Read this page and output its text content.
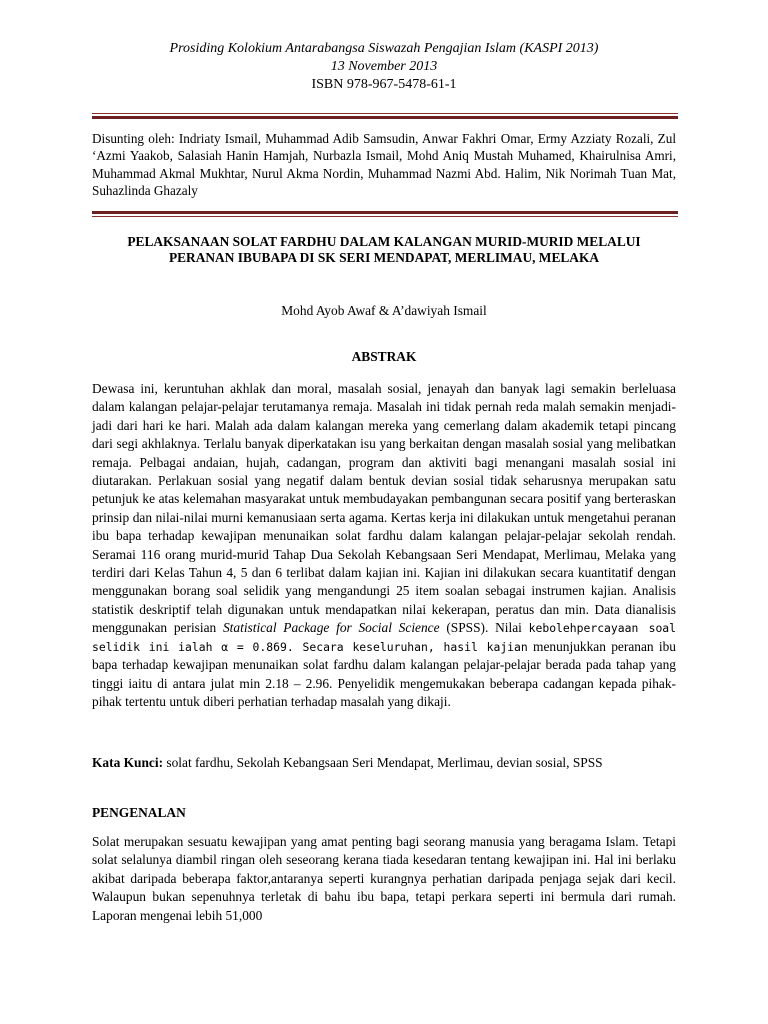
Prosiding Kolokium Antarabangsa Siswazah Pengajian Islam (KASPI 2013)
13 November 2013
ISBN 978-967-5478-61-1
Disunting oleh: Indriaty Ismail, Muhammad Adib Samsudin, Anwar Fakhri Omar, Ermy Azziaty Rozali, Zul ‘Azmi Yaakob, Salasiah Hanin Hamjah, Nurbazla Ismail, Mohd Aniq Mustah Muhamed, Khairulnisa Amri, Muhammad Akmal Mukhtar, Nurul Akma Nordin, Muhammad Nazmi Abd. Halim, Nik Norimah Tuan Mat, Suhazlinda Ghazaly
PELAKSANAAN SOLAT FARDHU DALAM KALANGAN MURID-MURID MELALUI PERANAN IBUBAPA DI SK SERI MENDAPAT, MERLIMAU, MELAKA
Mohd Ayob Awaf & A’dawiyah Ismail
ABSTRAK
Dewasa ini, keruntuhan akhlak dan moral, masalah sosial, jenayah dan banyak lagi semakin berleluasa dalam kalangan pelajar-pelajar terutamanya remaja. Masalah ini tidak pernah reda malah semakin menjadi-jadi dari hari ke hari. Malah ada dalam kalangan mereka yang cemerlang dalam akademik tetapi pincang dari segi akhlaknya. Terlalu banyak diperkatakan isu yang berkaitan dengan masalah sosial yang melibatkan remaja. Pelbagai andaian, hujah, cadangan, program dan aktiviti bagi menangani masalah sosial ini diutarakan. Perlakuan sosial yang negatif dalam bentuk devian sosial tidak seharusnya merupakan satu petunjuk ke atas kelemahan masyarakat untuk membudayakan pembangunan secara positif yang berteraskan prinsip dan nilai-nilai murni kemanusiaan serta agama. Kertas kerja ini dilakukan untuk mengetahui peranan ibu bapa terhadap kewajipan menunaikan solat fardhu dalam kalangan pelajar-pelajar sekolah rendah. Seramai 116 orang murid-murid Tahap Dua Sekolah Kebangsaan Seri Mendapat, Merlimau, Melaka yang terdiri dari Kelas Tahun 4, 5 dan 6 terlibat dalam kajian ini. Kajian ini dilakukan secara kuantitatif dengan menggunakan borang soal selidik yang mengandungi 25 item soalan sebagai instrumen kajian. Analisis statistik deskriptif telah digunakan untuk mendapatkan nilai kekerapan, peratus dan min. Data dianalisis menggunakan perisian Statistical Package for Social Science (SPSS). Nilai kebolehpercayaan soal selidik ini ialah α = 0.869. Secara keseluruhan, hasil kajian menunjukkan peranan ibu bapa terhadap kewajipan menunaikan solat fardhu dalam kalangan pelajar-pelajar berada pada tahap yang tinggi iaitu di antara julat min 2.18 – 2.96. Penyelidik mengemukakan beberapa cadangan kepada pihak-pihak tertentu untuk diberi perhatian terhadap masalah yang dikaji.
Kata Kunci: solat fardhu, Sekolah Kebangsaan Seri Mendapat, Merlimau, devian sosial, SPSS
PENGENALAN
Solat merupakan sesuatu kewajipan yang amat penting bagi seorang manusia yang beragama Islam. Tetapi solat selalunya diambil ringan oleh seseorang kerana tiada kesedaran tentang kewajipan ini. Hal ini berlaku akibat daripada beberapa faktor,antaranya seperti kurangnya perhatian daripada penjaga sejak dari kecil. Walaupun bukan sepenuhnya terletak di bahu ibu bapa, tetapi perkara seperti ini bermula dari rumah. Laporan mengenai lebih 51,000
